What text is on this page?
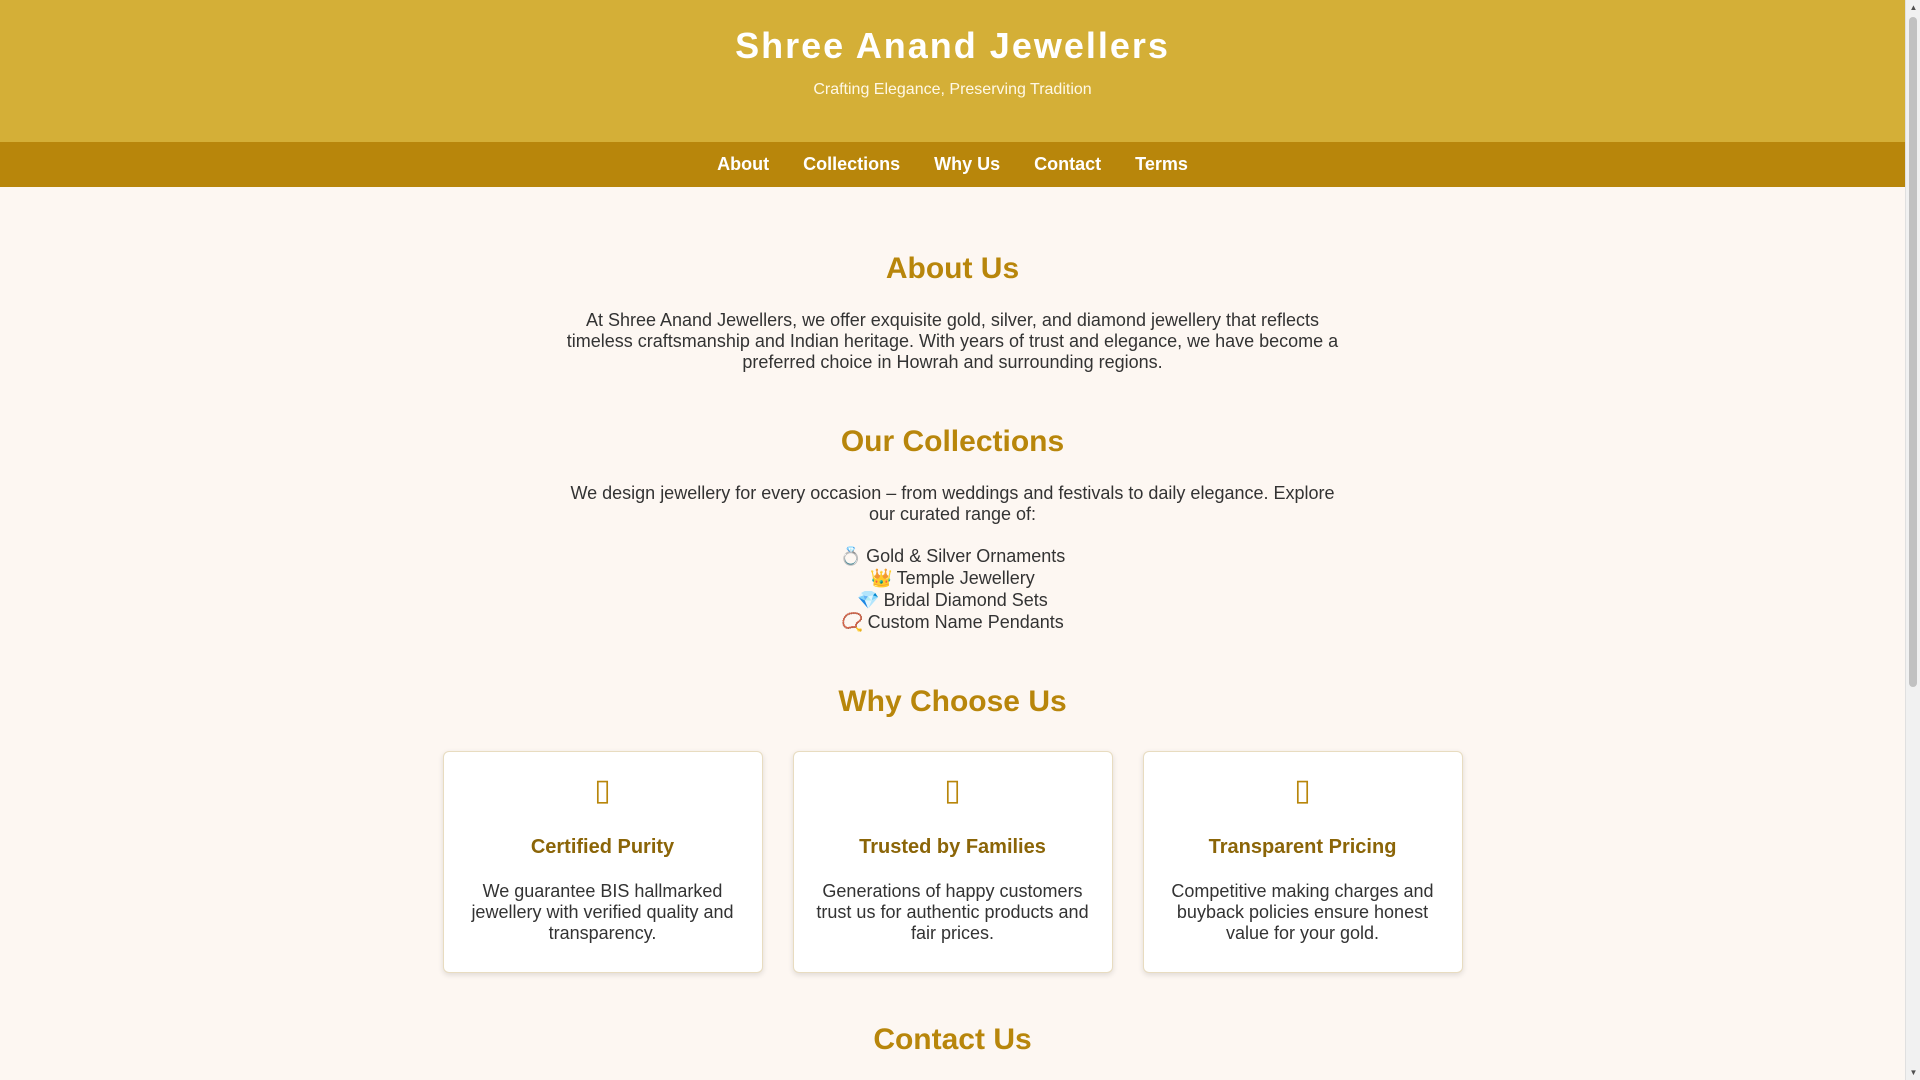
Shree Anand Jewellers

Crafting Elegance, Preserving Tradition

About Collections Why Us Contact Terms
About Us

At Shree Anand Jewellers, we offer exquisite gold, silver, and diamond jewellery that reflects timeless craftsmanship and Indian heritage. With years of trust and elegance, we have become a preferred choice in Howrah and surrounding regions.

Our Collections

We design jewellery for every occasion – from weddings and festivals to daily elegance. Explore our curated range of:

💍 Gold & Silver Ornaments
👑 Temple Jewellery
💎 Bridal Diamond Sets
📿 Custom Name Pendants
Why Choose Us
▯
Certified Purity

We guarantee BIS hallmarked jewellery with verified quality and transparency.

▯
Trusted by Families

Generations of happy customers trust us for authentic products and fair prices.

▯
Transparent Pricing

Competitive making charges and buyback policies ensure honest value for your gold.

Contact Us
▲
▼
